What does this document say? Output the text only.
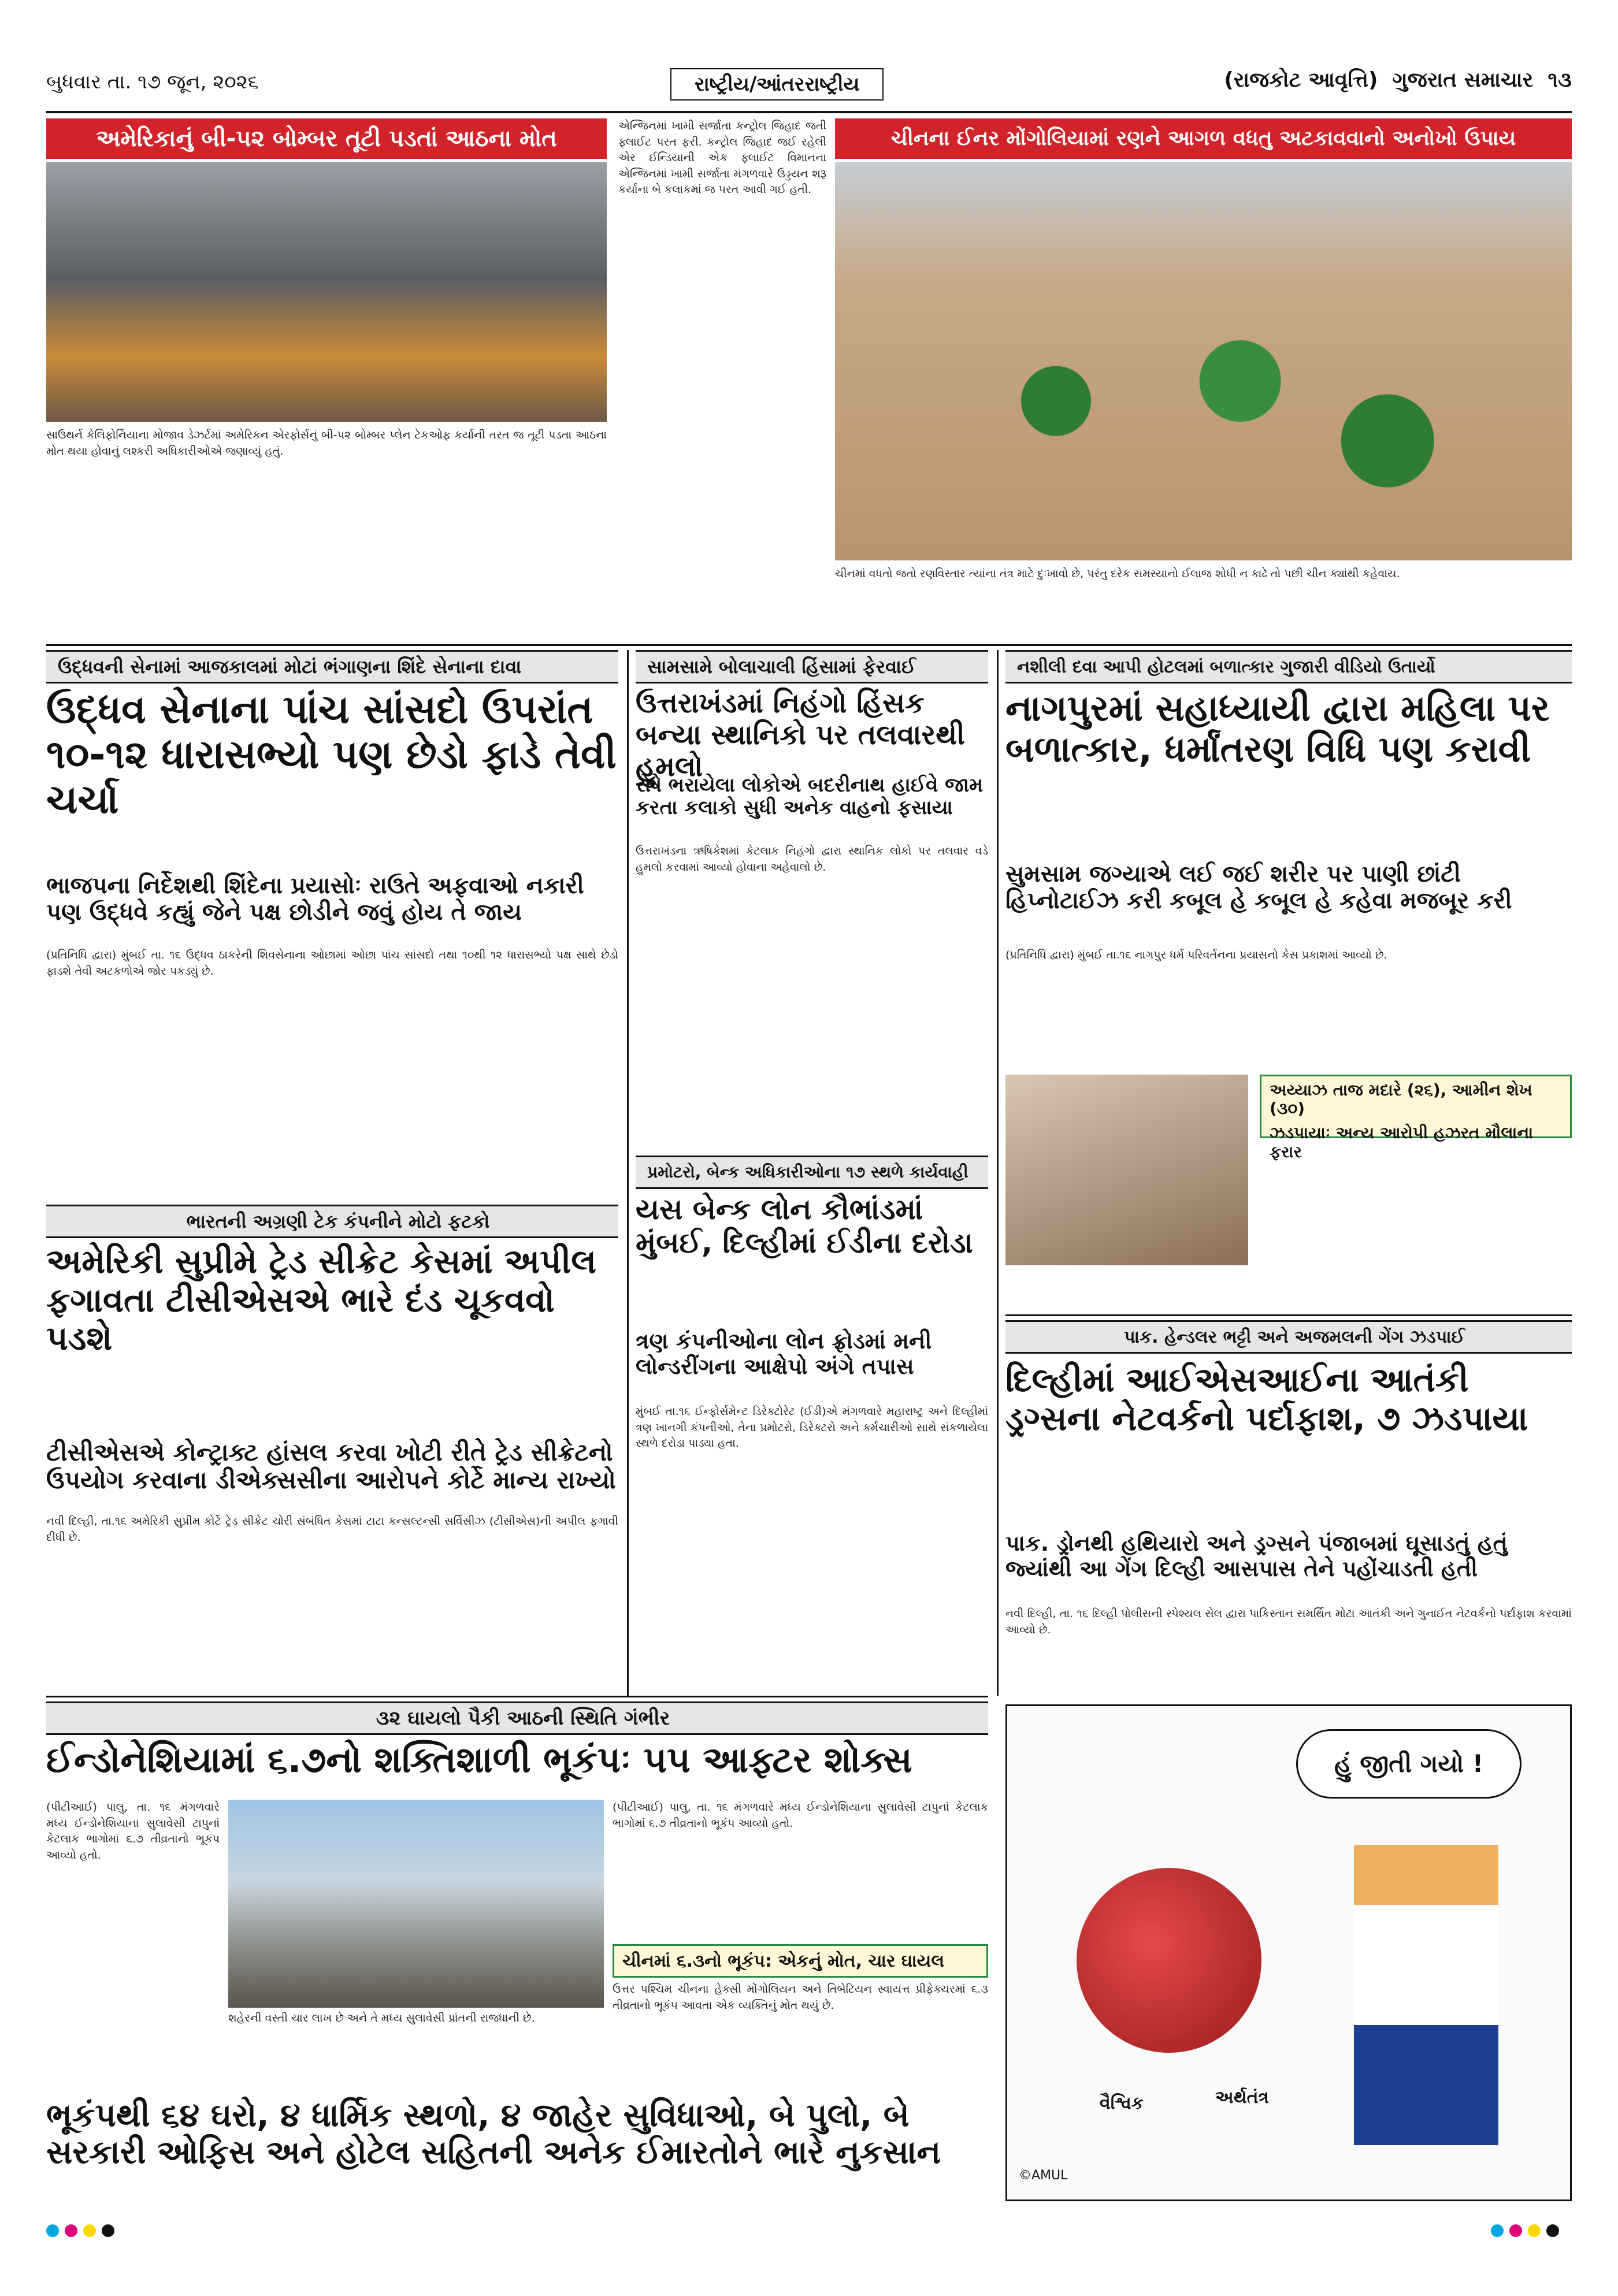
બુધવાર તા. ૧૭ જૂન, ૨૦૨૬	રાષ્ટ્રીય/આંતરરાષ્ટ્રીય	(રાજકોટ આવૃત્તિ) ગુજરાત સમાચાર ૧૩
અમેરિકાનું બી-૫૨ બોમ્બર તૂટી પડતાં આઠના મોત
સાઉથર્ન કેલિફોર્નિયાના મોજાવ ડેઝર્ટમાં અમેરિકન એરફોર્સનું બી-૫૨ બોમ્બર પ્લેન ટેકઓફ કર્યાની તરત જ તૂટી પડતા આઠના મોત થયા હોવાનું લશ્કરી અધિકારીઓએ જણાવ્યું હતું.
એન્જિનમાં ખામી સર્જાતા કન્ટ્રોલ જિહાદ જતી ફ્લાઈટ પરત ફરી. કન્ટ્રોલ જિહાદ જઈ રહેલી એર ઈન્ડિયાની એક ફ્લાઈટ વિમાનના એન્જિનમાં ખામી સર્જાતા મંગળવારે ઉડ્ડયન શરૂ કર્યાના બે કલાકમાં જ પરત આવી ગઈ હતી.
ચીનના ઈનર મોંગોલિયામાં રણને આગળ વધતુ અટકાવવાનો અનોખો ઉપાય
ચીનમાં વધતો જતો રણવિસ્તાર ત્યાંના તંત્ર માટે દુઃખાવો છે, પરંતુ દરેક સમસ્યાનો ઈલાજ શોધી ન કાઢે તો પછી ચીન ક્યાંથી કહેવાય.
ઉદ્ધવની સેનામાં આજકાલમાં મોટાં ભંગાણના શિંદે સેનાના દાવા
ઉદ્ધવ સેનાના પાંચ સાંસદો ઉપરાંત ૧૦-૧૨ ધારાસભ્યો પણ છેડો ફાડે તેવી ચર્ચા
ભાજપના નિર્દેશથી શિંદેના પ્રયાસોઃ રાઉતે અફવાઓ નકારી પણ ઉદ્ધવે કહ્યું જેને પક્ષ છોડીને જવું હોય તે જાય
(પ્રતિનિધિ દ્વારા) મુંબઈ તા. ૧૬ ઉદ્ધવ ઠાકરેની શિવસેનાના ઓછામાં ઓછા પાંચ સાંસદો તથા ૧૦થી ૧૨ ધારાસભ્યો પક્ષ સાથે છેડો ફાડશે તેવી અટકળોએ જોર પકડ્યું છે.
ભારતની અગ્રણી ટેક કંપનીને મોટો ફટકો
અમેરિકી સુપ્રીમે ટ્રેડ સીક્રેટ કેસમાં અપીલ ફગાવતા ટીસીએસએ ભારે દંડ ચૂકવવો પડશે
ટીસીએસએ કોન્ટ્રાક્ટ હાંસલ કરવા ખોટી રીતે ટ્રેડ સીક્રેટનો ઉપયોગ કરવાના ડીએક્સસીના આરોપને કોર્ટે માન્ય રાખ્યો
નવી દિલ્હી, તા.૧૬ અમેરિકી સુપ્રીમ કોર્ટે ટ્રેડ સીક્રેટ ચોરી સંબંધિત કેસમાં ટાટા કન્સલ્ટન્સી સર્વિસીઝ (ટીસીએસ)ની અપીલ ફગાવી દીધી છે.
સામસામે બોલાચાલી હિંસામાં ફેરવાઈ
ઉત્તરાખંડમાં નિહંગો હિંસક બન્યા સ્થાનિકો પર તલવારથી હુમલો
રોષે ભરાયેલા લોકોએ બદરીનાથ હાઈવે જામ કરતા કલાકો સુધી અનેક વાહનો ફસાયા
ઉત્તરાખંડના ઋષિકેશમાં કેટલાક નિહંગો દ્વારા સ્થાનિક લોકો પર તલવાર વડે હુમલો કરવામાં આવ્યો હોવાના અહેવાલો છે.
પ્રમોટરો, બેન્ક અધિકારીઓના ૧૭ સ્થળે કાર્યવાહી
યસ બેન્ક લોન કૌભાંડમાં મુંબઈ, દિલ્હીમાં ઈડીના દરોડા
ત્રણ કંપનીઓના લોન ફ્રોડમાં મની લોન્ડરીંગના આક્ષેપો અંગે તપાસ
મુંબઈ તા.૧૬ ઈન્ફોર્સમેન્ટ ડિરેક્ટોરેટ (ઈડી)એ મંગળવારે મહારાષ્ટ્ર અને દિલ્હીમાં ત્રણ ખાનગી કંપનીઓ, તેના પ્રમોટરો, ડિરેક્ટરો અને કર્મચારીઓ સાથે સંકળાયેલા સ્થળે દરોડા પાડ્યા હતા.
નશીલી દવા આપી હોટલમાં બળાત્કાર ગુજારી વીડિયો ઉતાર્યો
નાગપુરમાં સહાધ્યાયી દ્વારા મહિલા પર બળાત્કાર, ધર્માંતરણ વિધિ પણ કરાવી
સુમસામ જગ્યાએ લઈ જઈ શરીર પર પાણી છાંટી હિપ્નોટાઈઝ કરી કબૂલ હે કબૂલ હે કહેવા મજબૂર કરી
અય્યાઝ તાજ મદારે (૨૬), આમીન શેખ (૩૦)
ઝડપાયાઃ અન્ય આરોપી હઝરત મૌલાના ફરાર
(પ્રતિનિધિ દ્વારા) મુંબઈ તા.૧૬ નાગપુર ધર્મ પરિવર્તનના પ્રયાસનો કેસ પ્રકાશમાં આવ્યો છે.
પાક. હેન્ડલર ભટ્ટી અને અજમલની ગેંગ ઝડપાઈ
દિલ્હીમાં આઈએસઆઈના આતંકી ડ્રગ્સના નેટવર્કનો પર્દાફાશ, ૭ ઝડપાયા
પાક. ડ્રોનથી હથિયારો અને ડ્રગ્સને પંજાબમાં ઘૂસાડતું હતું જ્યાંથી આ ગેંગ દિલ્હી આસપાસ તેને પહોંચાડતી હતી
નવી દિલ્હી, તા. ૧૬ દિલ્હી પોલીસની સ્પેશ્યલ સેલ દ્વારા પાકિસ્તાન સમર્થિત મોટા આતંકી અને ગુનાઈત નેટવર્કનો પર્દાફાશ કરવામાં આવ્યો છે.
૩૨ ઘાયલો પૈકી આઠની સ્થિતિ ગંભીર
ઈન્ડોનેશિયામાં ૬.૭નો શક્તિશાળી ભૂકંપઃ ૫૫ આફ્ટર શોક્સ
(પીટીઆઈ) પાલુ, તા. ૧૬ મંગળવારે મધ્ય ઈન્ડોનેશિયાના સુલાવેસી ટાપુનાં કેટલાક ભાગોમાં ૬.૭ તીવ્રતાનો ભૂકંપ આવ્યો હતો.
શહેરની વસ્તી ચાર લાખ છે અને તે મધ્ય સુલાવેસી પ્રાંતની રાજધાની છે.
(પીટીઆઈ) પાલુ, તા. ૧૬ મંગળવારે મધ્ય ઈન્ડોનેશિયાના સુલાવેસી ટાપુનાં કેટલાક ભાગોમાં ૬.૭ તીવ્રતાનો ભૂકંપ આવ્યો હતો.
ચીનમાં ૬.૩નો ભૂકંપ: એકનું મોત, ચાર ઘાયલ
ઉત્તર પશ્ચિમ ચીનના હેક્સી મોંગોલિયન અને તિબેટિયન સ્વાયત્ત પ્રીફેક્ચરમાં ૬.૩ તીવ્રતાનો ભૂકંપ આવતા એક વ્યક્તિનું મોત થયું છે.
ભૂકંપથી ૬૪ ઘરો, ૪ ધાર્મિક સ્થળો, ૪ જાહેર સુવિધાઓ, બે પુલો, બે સરકારી ઓફિસ અને હોટેલ સહિતની અનેક ઈમારતોને ભારે નુકસાન
હું જીતી ગયો !
વૈશ્વિક	અર્થતંત્ર
©AMUL
